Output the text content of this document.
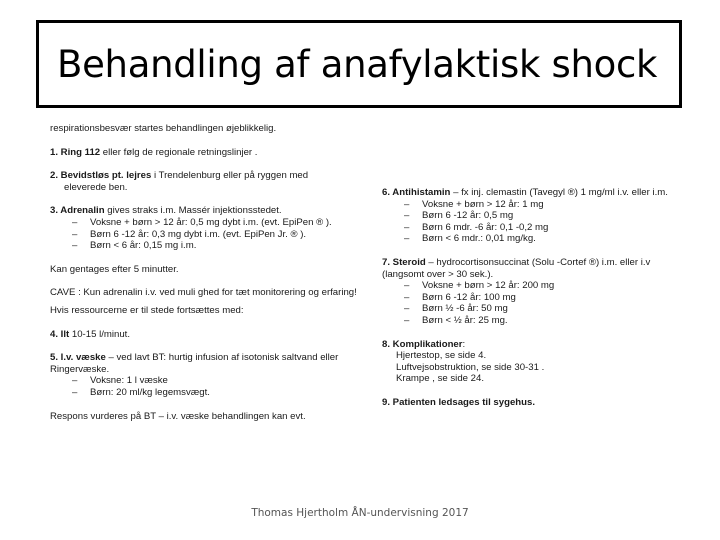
Behandling af anafylaktisk shock

respirationsbesvær startes behandlingen øjeblikkelig.

1. Ring 112 eller følg de regionale retningslinjer .

2. Bevidstløs pt. lejres i Trendelenburg eller på ryggen med
eleverede ben.

3. Adrenalin gives straks i.m. Massér injektionsstedet.
– Voksne + børn > 12 år: 0,5 mg dybt i.m. (evt. EpiPen ® ).
– Børn 6 -12 år: 0,3 mg dybt i.m. (evt. EpiPen Jr. ® ).
– Børn < 6 år: 0,15 mg i.m.

Kan gentages efter 5 minutter.

CAVE : Kun adrenalin i.v. ved muli ghed for tæt monitorering og erfaring!

Hvis ressourcerne er til stede fortsættes med:

4. Ilt 10-15 l/minut.

5. I.v. væske – ved lavt BT: hurtig infusion af isotonisk saltvand eller Ringervæske.
– Voksne: 1 l væske
– Børn: 20 ml/kg legemsvægt.

Respons vurderes på BT – i.v. væske behandlingen kan evt.

6. Antihistamin – fx inj. clemastin (Tavegyl ®) 1 mg/ml i.v. eller i.m.
– Voksne + børn > 12 år: 1 mg
– Børn 6 -12 år: 0,5 mg
– Børn 6 mdr. -6 år: 0,1 -0,2 mg
– Børn < 6 mdr.: 0,01 mg/kg.
7. Steroid – hydrocortisonsuccinat (Solu -Cortef ®) i.m. eller i.v (langsomt over > 30 sek.).
– Voksne + børn > 12 år: 200 mg
– Børn 6 -12 år: 100 mg
– Børn ½ -6 år: 50 mg
– Børn < ½ år: 25 mg.
8. Komplikationer:
Hjertestop, se side 4.
Luftvejsobstruktion, se side 30-31 .
Krampe , se side 24.

9. Patienten ledsages til sygehus.

Thomas Hjertholm ÅN-undervisning 2017
